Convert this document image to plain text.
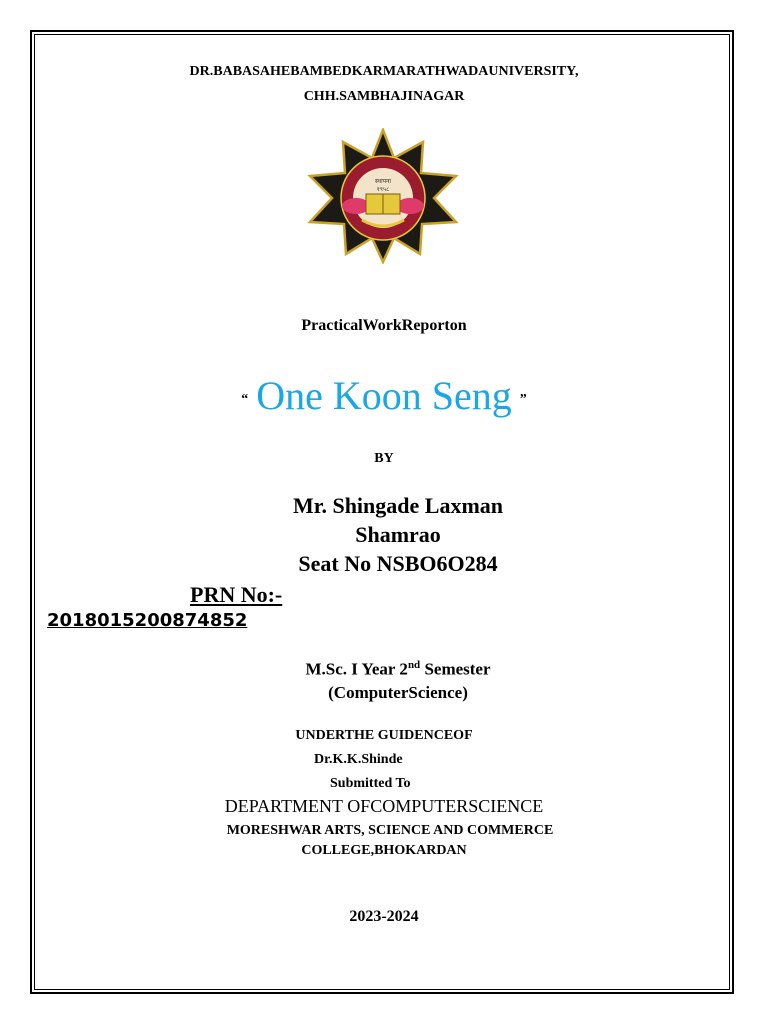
DR.BABASAHEBAMBEDKARMARATHWADAUNIVERSITY,
CHH.SAMBHAJINAGAR
स्थापना
१९५८
PracticalWorkReporton
“ One Koon Seng ”
BY
Mr. Shingade Laxman
Shamrao
Seat No NSBO6O284
PRN No:-
2018015200874852
M.Sc. I Year 2nd Semester
(ComputerScience)
UNDERTHE GUIDENCEOF
Dr.K.K.Shinde
Submitted To
DEPARTMENT OFCOMPUTERSCIENCE
MORESHWAR ARTS, SCIENCE AND COMMERCE
COLLEGE,BHOKARDAN
2023-2024
